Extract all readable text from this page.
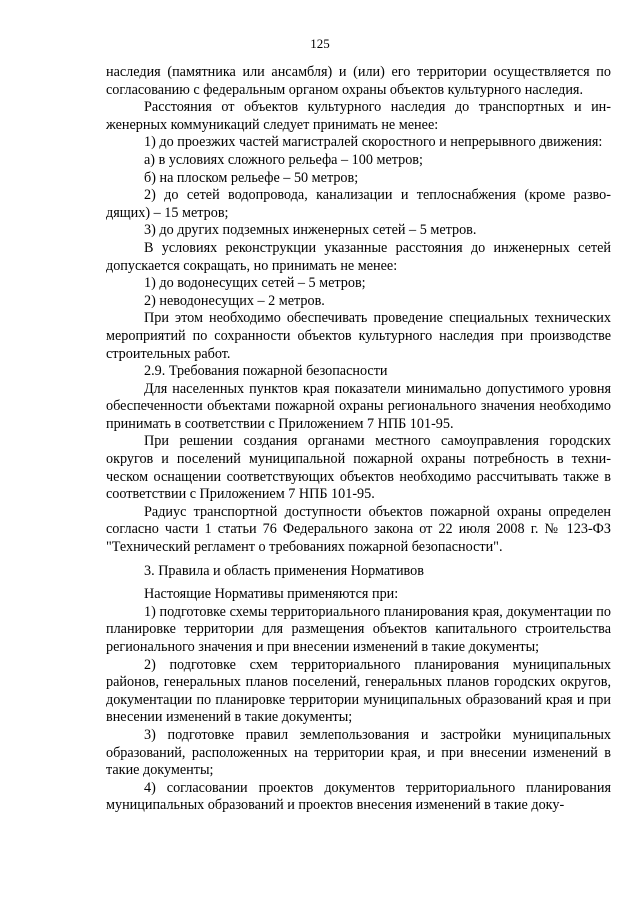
125

наследия (памятника или ансамбля) и (или) его территории осуществляется по согласованию с федеральным органом охраны объектов культурного наследия.

Расстояния от объектов культурного наследия до транспортных и инженерных коммуникаций следует принимать не менее:

1) до проезжих частей магистралей скоростного и непрерывного движения:

а) в условиях сложного рельефа – 100 метров;

б) на плоском рельефе – 50 метров;

2) до сетей водопровода, канализации и теплоснабжения (кроме разводящих) – 15 метров;

3) до других подземных инженерных сетей – 5 метров.

В условиях реконструкции указанные расстояния до инженерных сетей допускается сокращать, но принимать не менее:

1) до водонесущих сетей – 5 метров;

2) неводонесущих – 2 метров.

При этом необходимо обеспечивать проведение специальных технических мероприятий по сохранности объектов культурного наследия при производстве строительных работ.

2.9. Требования пожарной безопасности

Для населенных пунктов края показатели минимально допустимого уровня обеспеченности объектами пожарной охраны регионального значения необходимо принимать в соответствии с Приложением 7 НПБ 101-95.

При решении создания органами местного самоуправления городских округов и поселений муниципальной пожарной охраны потребность в техническом оснащении соответствующих объектов необходимо рассчитывать также в соответствии с Приложением 7 НПБ 101-95.

Радиус транспортной доступности объектов пожарной охраны определен согласно части 1 статьи 76 Федерального закона от 22 июля 2008 г. № 123-ФЗ "Технический регламент о требованиях пожарной безопасности".

3. Правила и область применения Нормативов

Настоящие Нормативы применяются при:

1) подготовке схемы территориального планирования края, документации по планировке территории для размещения объектов капитального строительства регионального значения и при внесении изменений в такие документы;

2) подготовке схем территориального планирования муниципальных районов, генеральных планов поселений, генеральных планов городских округов, документации по планировке территории муниципальных образований края и при внесении изменений в такие документы;

3) подготовке правил землепользования и застройки муниципальных образований, расположенных на территории края, и при внесении изменений в такие документы;

4) согласовании проектов документов территориального планирования муниципальных образований и проектов внесения изменений в такие доку-
